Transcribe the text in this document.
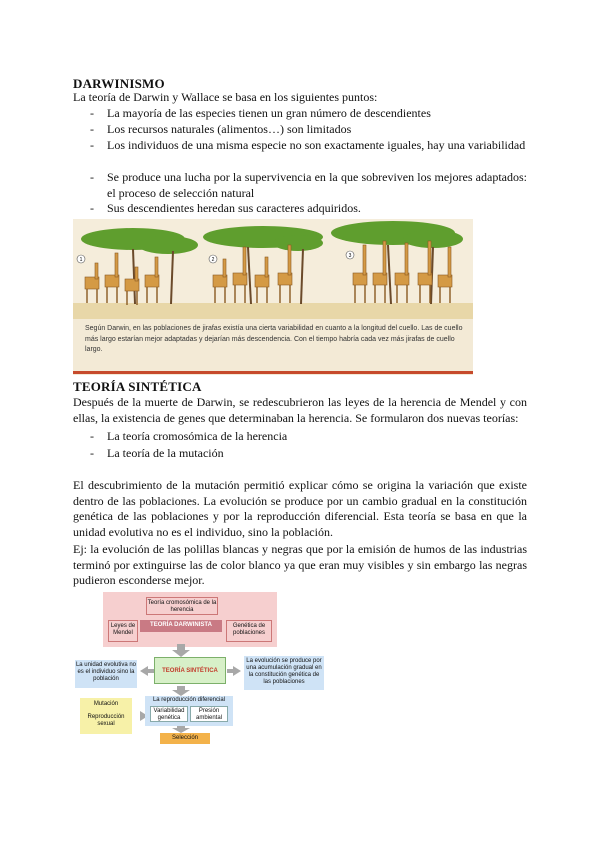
DARWINISMO
La teoría de Darwin y Wallace se basa en los siguientes puntos:
- La mayoría de las especies tienen un gran número de descendientes
- Los recursos naturales (alimentos…) son limitados
- Los individuos de una misma especie no son exactamente iguales, hay una variabilidad
- Se produce una lucha por la supervivencia en la que sobreviven los mejores adaptados: el proceso de selección natural
- Sus descendientes heredan sus caracteres adquiridos.
1	2
3
Según Darwin, en las poblaciones de jirafas existía una cierta variabilidad en cuanto a la longitud del cuello. Las de cuello más largo estarían mejor adaptadas y dejarían más descendencia. Con el tiempo habría cada vez más jirafas de cuello largo.
TEORÍA SINTÉTICA
Después de la muerte de Darwin, se redescubrieron las leyes de la herencia de Mendel y con ellas, la existencia de genes que determinaban la herencia. Se formularon dos nuevas teorías:
- La teoría cromosómica de la herencia
- La teoría de la mutación
El descubrimiento de la mutación permitió explicar cómo se origina la variación que existe dentro de las poblaciones. La evolución se produce por un cambio gradual en la constitución genética de las poblaciones y por la reproducción diferencial. Esta teoría se basa en que la unidad evolutiva no es el individuo, sino la población.
Ej: la evolución de las polillas blancas y negras que por la emisión de humos de las industrias terminó por extinguirse las de color blanco ya que eran muy visibles y sin embargo las negras pudieron esconderse mejor.
Teoría cromosómica de la herencia
TEORÍA DARWINISTA
Leyes de Mendel
Genética de poblaciones
TEORÍA SINTÉTICA
La unidad evolutiva no es el individuo sino la población
La evolución se produce por una acumulación gradual en la constitución genética de las poblaciones
La reproducción diferencial
Variabilidad genética
Presión ambiental
Mutación
Reproducción sexual
Selección
